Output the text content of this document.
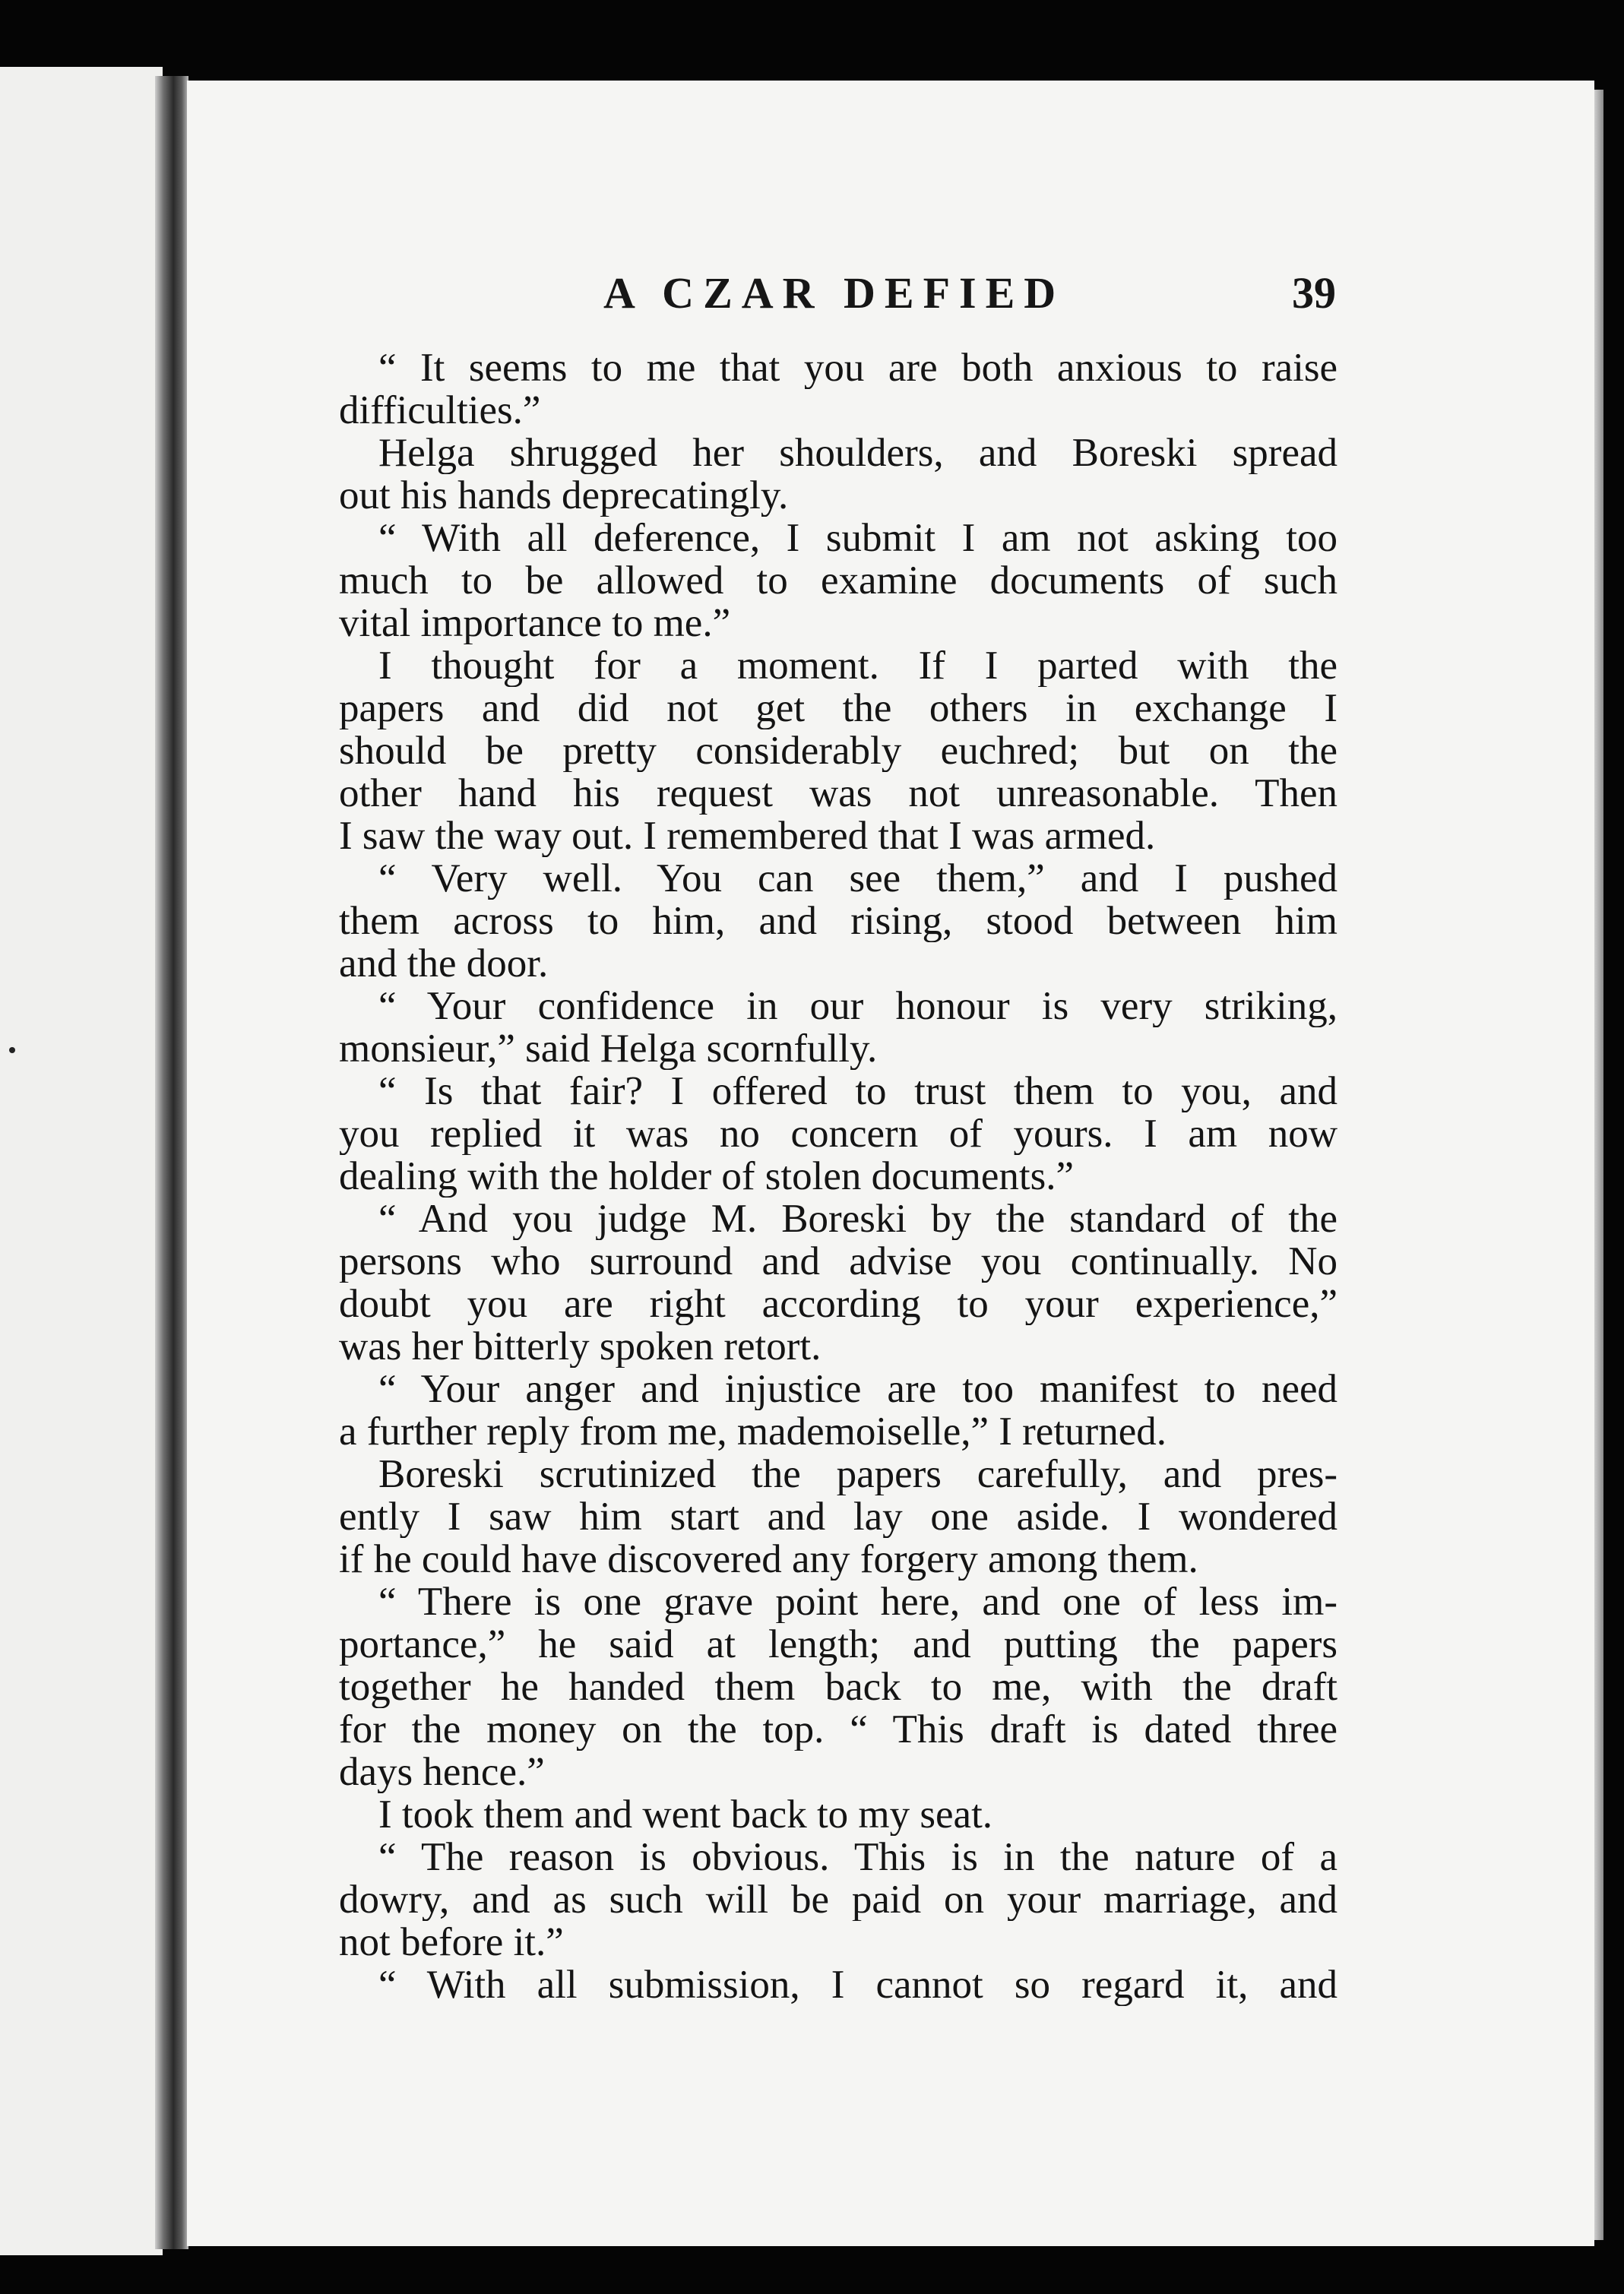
A CZAR DEFIED	39
“ It seems to me that you are both anxious to raise
difficulties.”
Helga shrugged her shoulders, and Boreski spread
out his hands deprecatingly.
“ With all deference, I submit I am not asking too
much to be allowed to examine documents of such
vital importance to me.”
I thought for a moment. If I parted with the
papers and did not get the others in exchange I
should be pretty considerably euchred; but on the
other hand his request was not unreasonable. Then
I saw the way out. I remembered that I was armed.
“ Very well. You can see them,” and I pushed
them across to him, and rising, stood between him
and the door.
“ Your confidence in our honour is very striking,
monsieur,” said Helga scornfully.
“ Is that fair? I offered to trust them to you, and
you replied it was no concern of yours. I am now
dealing with the holder of stolen documents.”
“ And you judge M. Boreski by the standard of the
persons who surround and advise you continually. No
doubt you are right according to your experience,”
was her bitterly spoken retort.
“ Your anger and injustice are too manifest to need
a further reply from me, mademoiselle,” I returned.
Boreski scrutinized the papers carefully, and pres-
ently I saw him start and lay one aside. I wondered
if he could have discovered any forgery among them.
“ There is one grave point here, and one of less im-
portance,” he said at length; and putting the papers
together he handed them back to me, with the draft
for the money on the top. “ This draft is dated three
days hence.”
I took them and went back to my seat.
“ The reason is obvious. This is in the nature of a
dowry, and as such will be paid on your marriage, and
not before it.”
“ With all submission, I cannot so regard it, and
